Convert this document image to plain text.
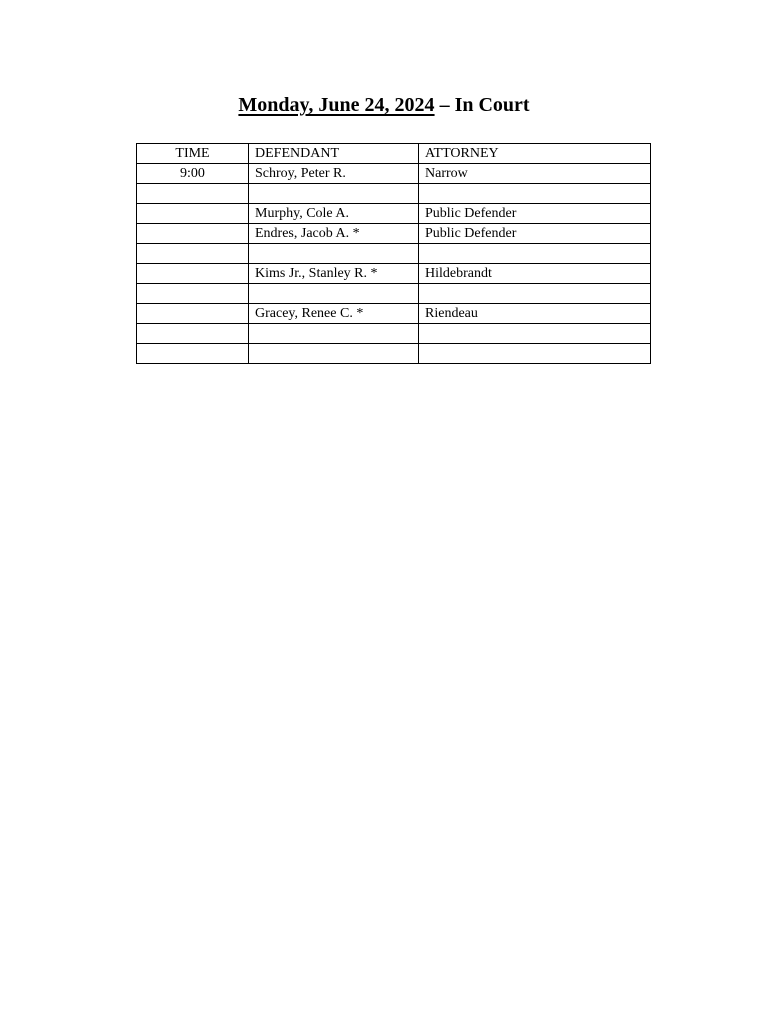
Monday, June 24, 2024 – In Court
TIME	DEFENDANT	ATTORNEY
9:00	Schroy, Peter R.	Narrow

	Murphy, Cole A.	Public Defender
	Endres, Jacob A. *	Public Defender

	Kims Jr., Stanley R. *	Hildebrandt

	Gracey, Renee C. *	Riendeau
